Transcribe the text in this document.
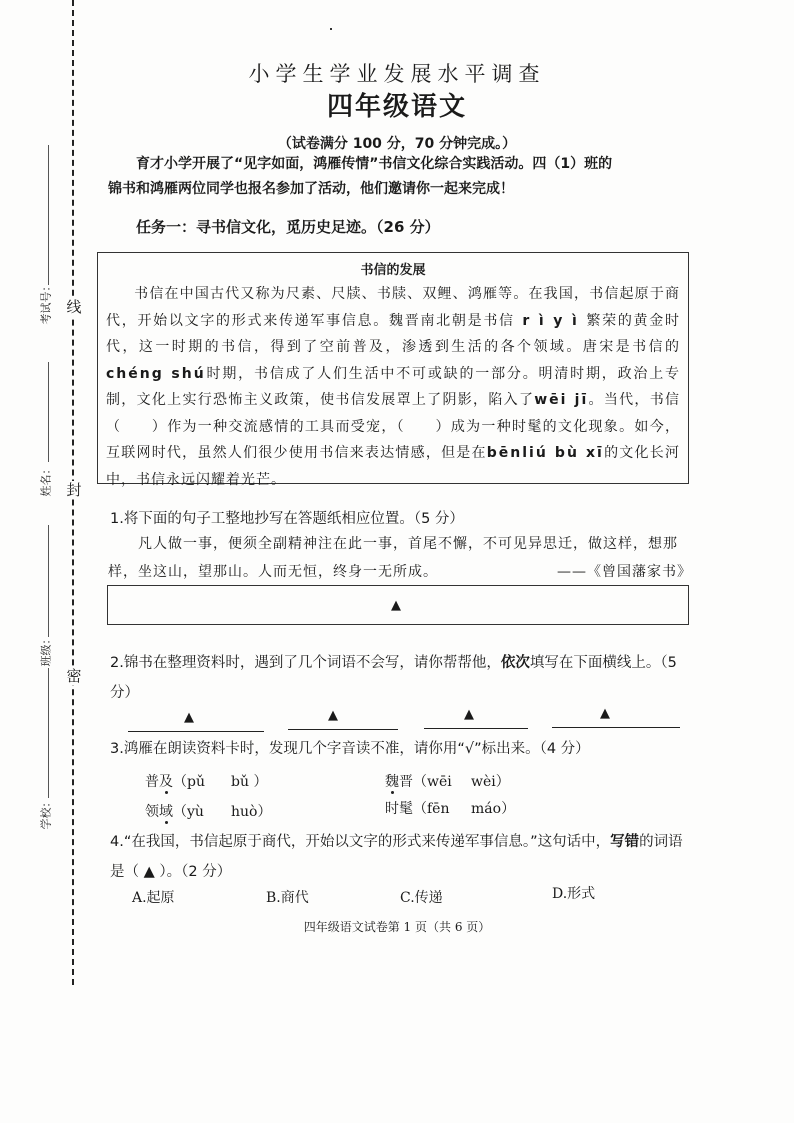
线
封
密
考试号：
姓名：
班级：
学校：
小学生学业发展水平调查
四年级语文
（试卷满分 100 分，70 分钟完成。）

育才小学开展了“见字如面，鸿雁传情”书信文化综合实践活动。四（1）班的

锦书和鸿雁两位同学也报名参加了活动，他们邀请你一起来完成！

任务一：寻书信文化，觅历史足迹。（26 分）
书信的发展
书信在中国古代又称为尺素、尺牍、书牍、双鲤、鸿雁等。在我国，书信起原于商代，开始以文字的形式来传递军事信息。魏晋南北朝是书信 r ì y ì 繁荣的黄金时代，这一时期的书信，得到了空前普及，渗透到生活的各个领域。唐宋是书信的chéng shú时期，书信成了人们生活中不可或缺的一部分。明清时期，政治上专制，文化上实行恐怖主义政策，使书信发展罩上了阴影，陷入了wēi jī。当代，书信（　　）作为一种交流感情的工具而受宠，（　　）成为一种时髦的文化现象。如今，互联网时代，虽然人们很少使用书信来表达情感，但是在bēnliú bù xī的文化长河中，书信永远闪耀着光芒。
1.将下面的句子工整地抄写在答题纸相应位置。（5 分）
凡人做一事，便须全副精神注在此一事，首尾不懈，不可见异思迁，做这样，想那样，坐这山，望那山。人而无恒，终身一无所成。	——《曾国藩家书》
▲
2.锦书在整理资料时，遇到了几个词语不会写，请你帮帮他，依次填写在下面横线上。（5 分）
▲	▲	▲	▲
3.鸿雁在朗读资料卡时，发现几个字音读不准，请你用“√”标出来。（4 分）
普及（pǔ bǔ ）	魏晋（wēi wèi）
领域（yù huò）	时髦（fēn máo）
4.“在我国，书信起原于商代，开始以文字的形式来传递军事信息。”这句话中，写错的词语是（ ▲ ）。（2 分）
A.起原	B.商代	C.传递	D.形式
四年级语文试卷第 1 页（共 6 页）
